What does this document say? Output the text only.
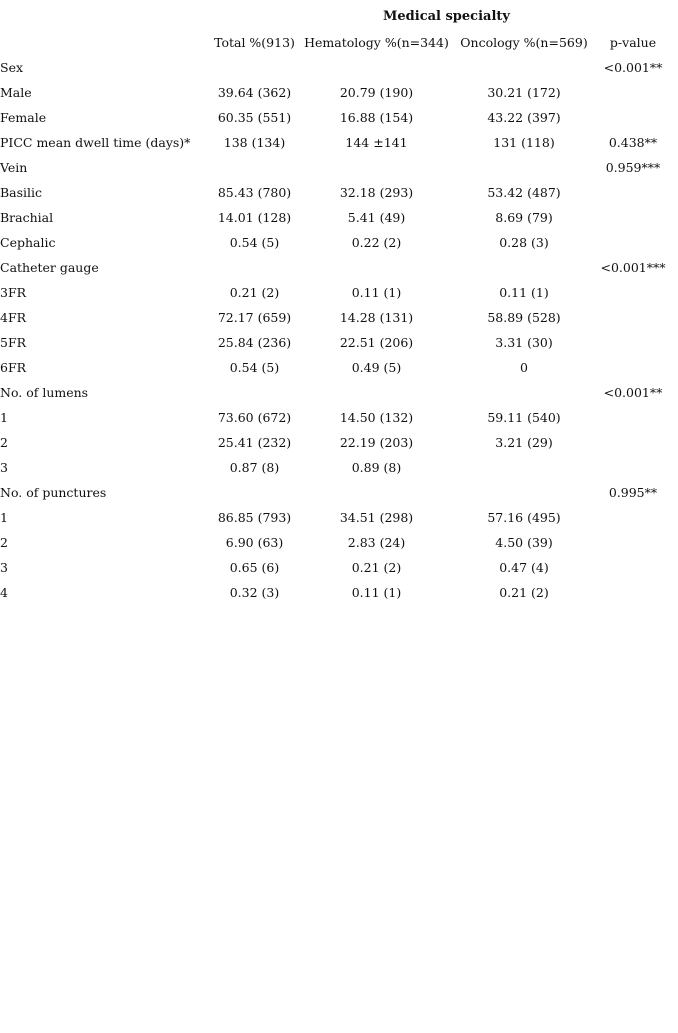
Medical specialty
	Total %(913)	Hematology %(n=344)	Oncology %(n=569)	p-value
Sex				<0.001**
Male	39.64 (362)	20.79 (190)	30.21 (172)	
Female	60.35 (551)	16.88 (154)	43.22 (397)	
PICC mean dwell time (days)*	138 (134)	144 ±141	131 (118)	0.438**
Vein				0.959***
Basilic	85.43 (780)	32.18 (293)	53.42 (487)	
Brachial	14.01 (128)	5.41 (49)	8.69 (79)	
Cephalic	0.54 (5)	0.22 (2)	0.28 (3)	
Catheter gauge				<0.001***
3FR	0.21 (2)	0.11 (1)	0.11 (1)	
4FR	72.17 (659)	14.28 (131)	58.89 (528)	
5FR	25.84 (236)	22.51 (206)	3.31 (30)	
6FR	0.54 (5)	0.49 (5)	0	
No. of lumens				<0.001**
1	73.60 (672)	14.50 (132)	59.11 (540)	
2	25.41 (232)	22.19 (203)	3.21 (29)	
3	0.87 (8)	0.89 (8)		
No. of punctures				0.995**
1	86.85 (793)	34.51 (298)	57.16 (495)	
2	6.90 (63)	2.83 (24)	4.50 (39)	
3	0.65 (6)	0.21 (2)	0.47 (4)	
4	0.32 (3)	0.11 (1)	0.21 (2)	
